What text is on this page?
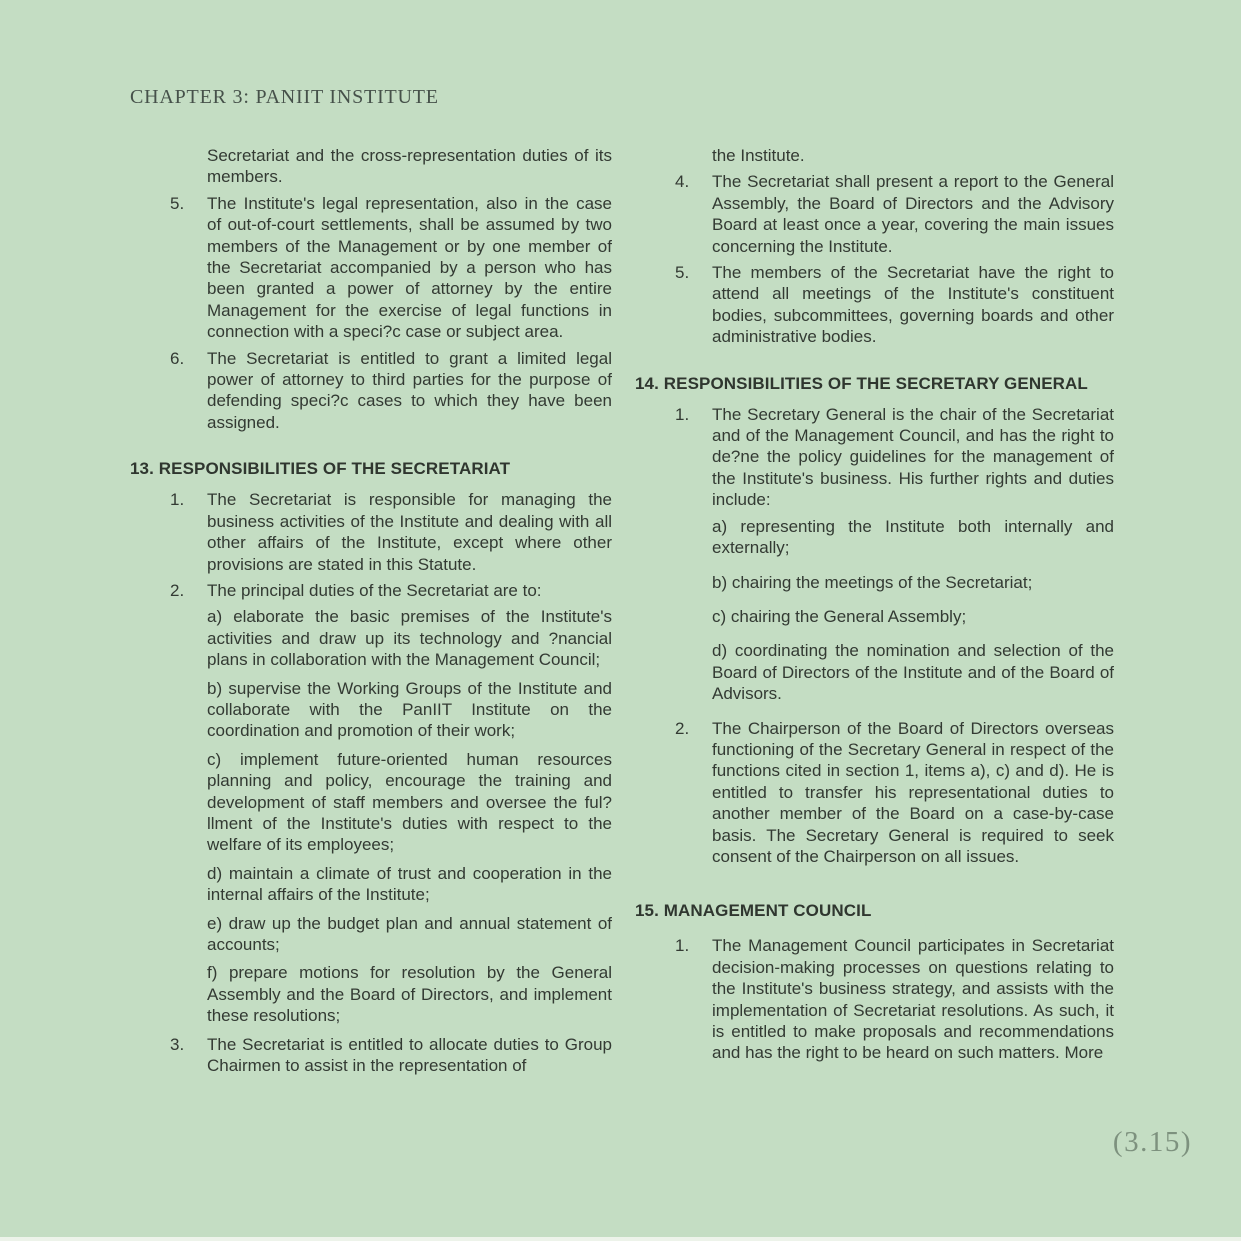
CHAPTER 3: PANIIT INSTITUTE
Secretariat and the cross-representation duties of its members.
5. The Institute's legal representation, also in the case of out-of-court settlements, shall be assumed by two members of the Management or by one member of the Secretariat accompanied by a person who has been granted a power of attorney by the entire Management for the exercise of legal functions in connection with a speci?c case or subject area.
6. The Secretariat is entitled to grant a limited legal power of attorney to third parties for the purpose of defending speci?c cases to which they have been assigned.
13. RESPONSIBILITIES OF THE SECRETARIAT
1. The Secretariat is responsible for managing the business activities of the Institute and dealing with all other affairs of the Institute, except where other provisions are stated in this Statute.
2. The principal duties of the Secretariat are to:
a) elaborate the basic premises of the Institute's activities and draw up its technology and ?nancial plans in collaboration with the Management Council;
b) supervise the Working Groups of the Institute and collaborate with the PanIIT Institute on the coordination and promotion of their work;
c) implement future-oriented human resources planning and policy, encourage the training and development of staff members and oversee the ful?llment of the Institute's duties with respect to the welfare of its employees;
d) maintain a climate of trust and cooperation in the internal affairs of the Institute;
e) draw up the budget plan and annual statement of accounts;
f) prepare motions for resolution by the General Assembly and the Board of Directors, and implement these resolutions;
3. The Secretariat is entitled to allocate duties to Group Chairmen to assist in the representation of
the Institute.
4. The Secretariat shall present a report to the General Assembly, the Board of Directors and the Advisory Board at least once a year, covering the main issues concerning the Institute.
5. The members of the Secretariat have the right to attend all meetings of the Institute's constituent bodies, subcommittees, governing boards and other administrative bodies.
14. RESPONSIBILITIES OF THE SECRETARY GENERAL
1. The Secretary General is the chair of the Secretariat and of the Management Council, and has the right to de?ne the policy guidelines for the management of the Institute's business. His further rights and duties include:
a) representing the Institute both internally and externally;
b) chairing the meetings of the Secretariat;
c) chairing the General Assembly;
d) coordinating the nomination and selection of the Board of Directors of the Institute and of the Board of Advisors.
2. The Chairperson of the Board of Directors overseas functioning of the Secretary General in respect of the functions cited in section 1, items a), c) and d). He is entitled to transfer his representational duties to another member of the Board on a case-by-case basis. The Secretary General is required to seek consent of the Chairperson on all issues.
15. MANAGEMENT COUNCIL
1. The Management Council participates in Secretariat decision-making processes on questions relating to the Institute's business strategy, and assists with the implementation of Secretariat resolutions. As such, it is entitled to make proposals and recommendations and has the right to be heard on such matters. More
(3.15)
